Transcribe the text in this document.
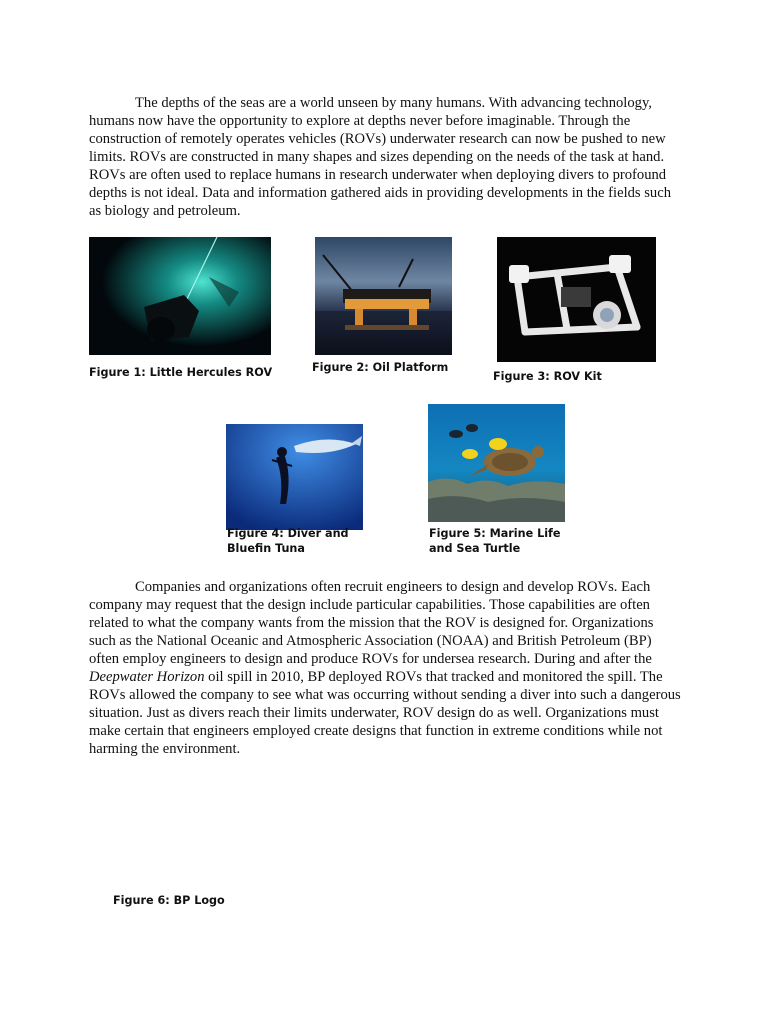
The depths of the seas are a world unseen by many humans. With advancing technology, humans now have the opportunity to explore at depths never before imaginable. Through the construction of remotely operates vehicles (ROVs) underwater research can now be pushed to new limits. ROVs are constructed in many shapes and sizes depending on the needs of the task at hand. ROVs are often used to replace humans in research underwater when deploying divers to profound depths is not ideal. Data and information gathered aids in providing developments in the fields such as biology and petroleum.

Figure 1: Little Hercules ROV	Figure 2: Oil Platform

Figure 3: ROV Kit

Figure 4: Diver and
Bluefin Tuna

Figure 5: Marine Life
and Sea Turtle

Companies and organizations often recruit engineers to design and develop ROVs. Each company may request that the design include particular capabilities. Those capabilities are often related to what the company wants from the mission that the ROV is designed for. Organizations such as the National Oceanic and Atmospheric Association (NOAA) and British Petroleum (BP) often employ engineers to design and produce ROVs for undersea research. During and after the Deepwater Horizon oil spill in 2010, BP deployed ROVs that tracked and monitored the spill. The ROVs allowed the company to see what was occurring without sending a diver into such a dangerous situation. Just as divers reach their limits underwater, ROV design do as well. Organizations must make certain that engineers employed create designs that function in extreme conditions while not harming the environment.

Figure 6: BP Logo
